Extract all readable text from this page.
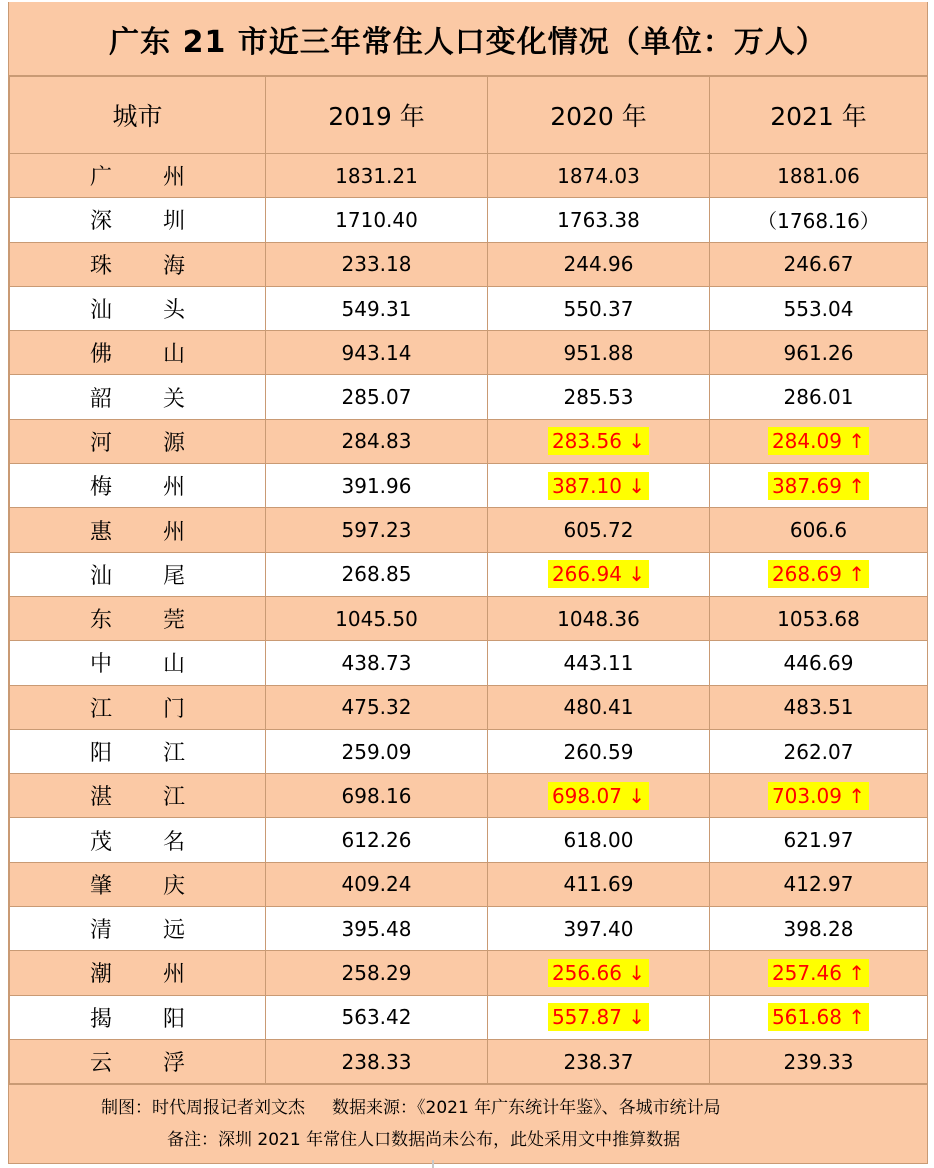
广东 21 市近三年常住人口变化情况（单位：万人）
城市	2019 年	2020 年	2021 年

广 州	1831.21	1874.03	1881.06

深 圳	1710.40	1763.38	（1768.16）

珠 海	233.18	244.96	246.67

汕 头	549.31	550.37	553.04

佛 山	943.14	951.88	961.26

韶 关	285.07	285.53	286.01

河 源	284.83	283.56 ↓	284.09 ↑

梅 州	391.96	387.10 ↓	387.69 ↑

惠 州	597.23	605.72	606.6

汕 尾	268.85	266.94 ↓	268.69 ↑

东 莞	1045.50	1048.36	1053.68

中 山	438.73	443.11	446.69

江 门	475.32	480.41	483.51

阳 江	259.09	260.59	262.07

湛 江	698.16	698.07 ↓	703.09 ↑

茂 名	612.26	618.00	621.97

肇 庆	409.24	411.69	412.97

清 远	395.48	397.40	398.28

潮 州	258.29	256.66 ↓	257.46 ↑

揭 阳	563.42	557.87 ↓	561.68 ↑

云 浮	238.33	238.37	239.33
制图：时代周报记者刘文杰     数据来源：《2021 年广东统计年鉴》、各城市统计局
备注：深圳 2021 年常住人口数据尚未公布，此处采用文中推算数据
